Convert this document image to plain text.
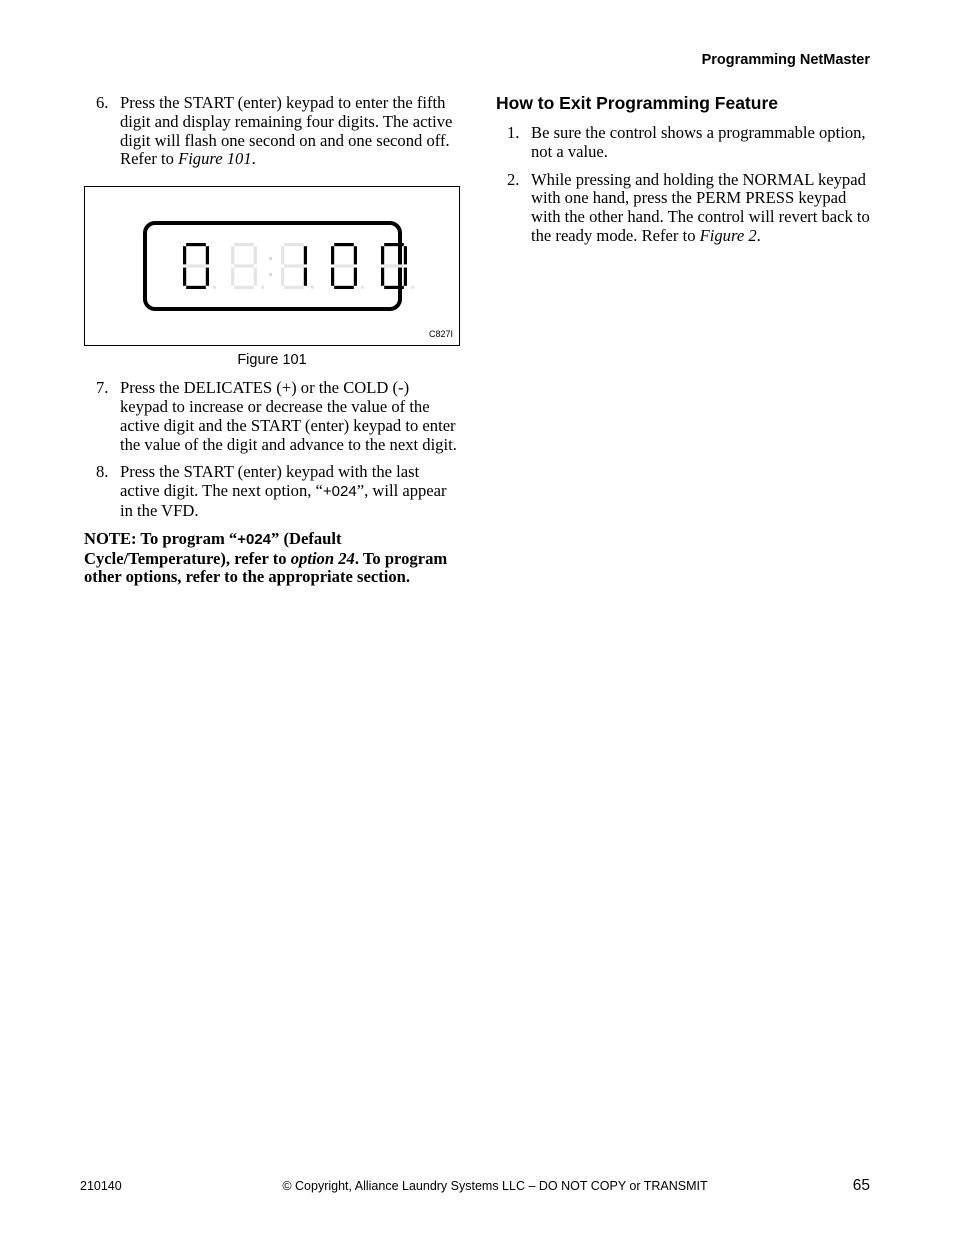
Programming NetMaster
6. Press the START (enter) keypad to enter the fifth digit and display remaining four digits. The active digit will flash one second on and one second off. Refer to Figure 101.
C827I
Figure 101
7. Press the DELICATES (+) or the COLD (-) keypad to increase or decrease the value of the active digit and the START (enter) keypad to enter the value of the digit and advance to the next digit.
8. Press the START (enter) keypad with the last active digit. The next option, “+024”, will appear in the VFD.
NOTE: To program “+024” (Default Cycle/Temperature), refer to option 24. To program other options, refer to the appropriate section.
How to Exit Programming Feature
1. Be sure the control shows a programmable option, not a value.
2. While pressing and holding the NORMAL keypad with one hand, press the PERM PRESS keypad with the other hand. The control will revert back to the ready mode. Refer to Figure 2.
210140	© Copyright, Alliance Laundry Systems LLC – DO NOT COPY or TRANSMIT	65
